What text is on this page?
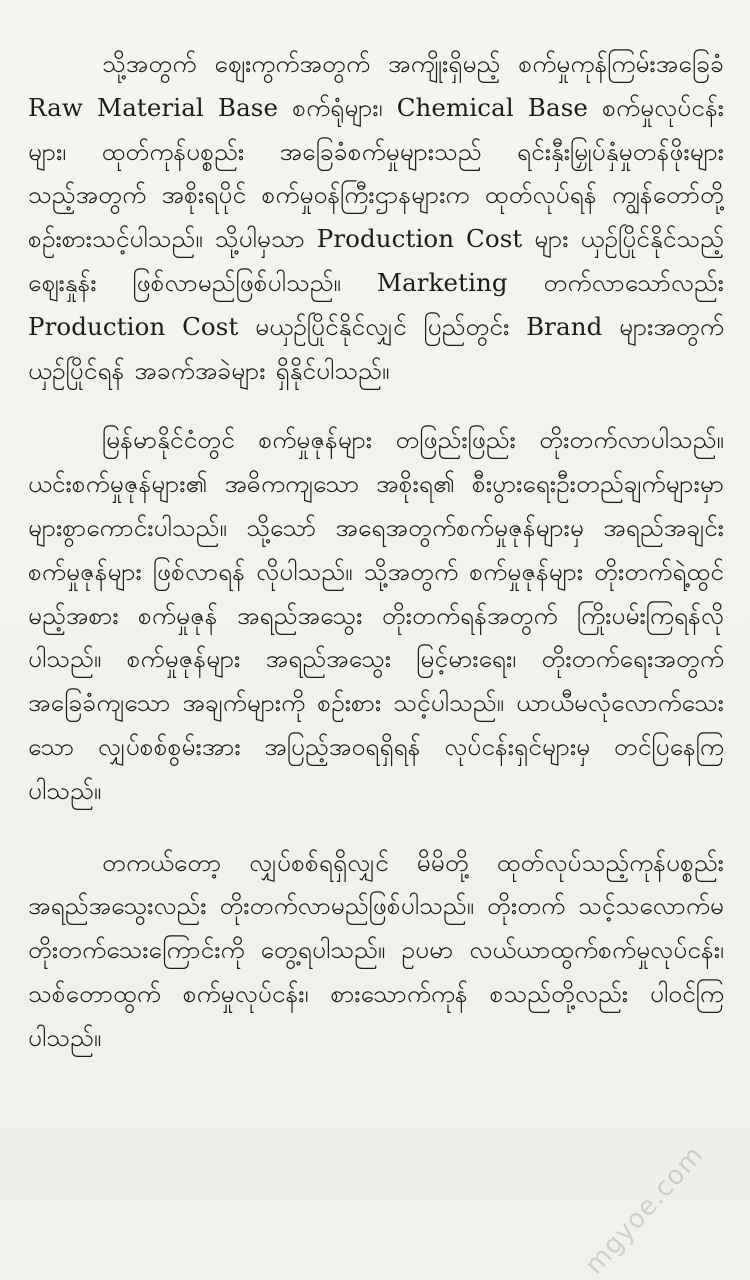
သို့အတွက် ဈေးကွက်အတွက် အကျိုးရှိမည့် စက်မှုကုန်ကြမ်းအခြေခံ Raw Material Base စက်ရုံများ၊ Chemical Base စက်မှုလုပ်ငန်းများ၊ ထုတ်ကုန်ပစ္စည်း အခြေခံစက်မှုများသည် ရင်းနှီးမြှုပ်နှံမှုတန်ဖိုးများသည့်အတွက် အစိုးရပိုင် စက်မှုဝန်ကြီးဌာနများက ထုတ်လုပ်ရန် ကျွန်တော်တို့ စဉ်းစားသင့်ပါသည်။ သို့ပါမှသာ Production Cost များ ယှဉ်ပြိုင်နိုင်သည့်ဈေးနှုန်း ဖြစ်လာမည်ဖြစ်ပါသည်။ Marketing တက်လာသော်လည်း Production Cost မယှဉ်ပြိုင်နိုင်လျှင် ပြည်တွင်း Brand များအတွက် ယှဉ်ပြိုင်ရန် အခက်အခဲများ ရှိနိုင်ပါသည်။

မြန်မာနိုင်ငံတွင် စက်မှုဇုန်များ တဖြည်းဖြည်း တိုးတက်လာပါသည်။ ယင်းစက်မှုဇုန်များ၏ အဓိကကျသော အစိုးရ၏ စီးပွားရေးဦးတည်ချက်များမှာ များစွာကောင်းပါသည်။ သို့သော် အရေအတွက်စက်မှုဇုန်များမှ အရည်အချင်း စက်မှုဇုန်များ ဖြစ်လာရန် လိုပါသည်။ သို့အတွက် စက်မှုဇုန်များ တိုးတက်ရဲ့ထွင်မည့်အစား စက်မှုဇုန် အရည်အသွေး တိုးတက်ရန်အတွက် ကြိုးပမ်းကြရန်လိုပါသည်။ စက်မှုဇုန်များ အရည်အသွေး မြင့်မားရေး၊ တိုးတက်ရေးအတွက် အခြေခံကျသော အချက်များကို စဉ်းစား သင့်ပါသည်။ ယာယီမလုံလောက်သေးသော လျှပ်စစ်စွမ်းအား အပြည့်အဝရရှိရန် လုပ်ငန်းရှင်များမှ တင်ပြနေကြပါသည်။

တကယ်တော့ လျှပ်စစ်ရရှိလျှင် မိမိတို့ ထုတ်လုပ်သည့်ကုန်ပစ္စည်းအရည်အသွေးလည်း တိုးတက်လာမည်ဖြစ်ပါသည်။ တိုးတက် သင့်သလောက်မတိုးတက်သေးကြောင်းကို တွေ့ရပါသည်။ ဥပမာ လယ်ယာထွက်စက်မှုလုပ်ငန်း၊ သစ်တောထွက် စက်မှုလုပ်ငန်း၊ စားသောက်ကုန် စသည်တို့လည်း ပါဝင်ကြပါသည်။

mgyoe.com
